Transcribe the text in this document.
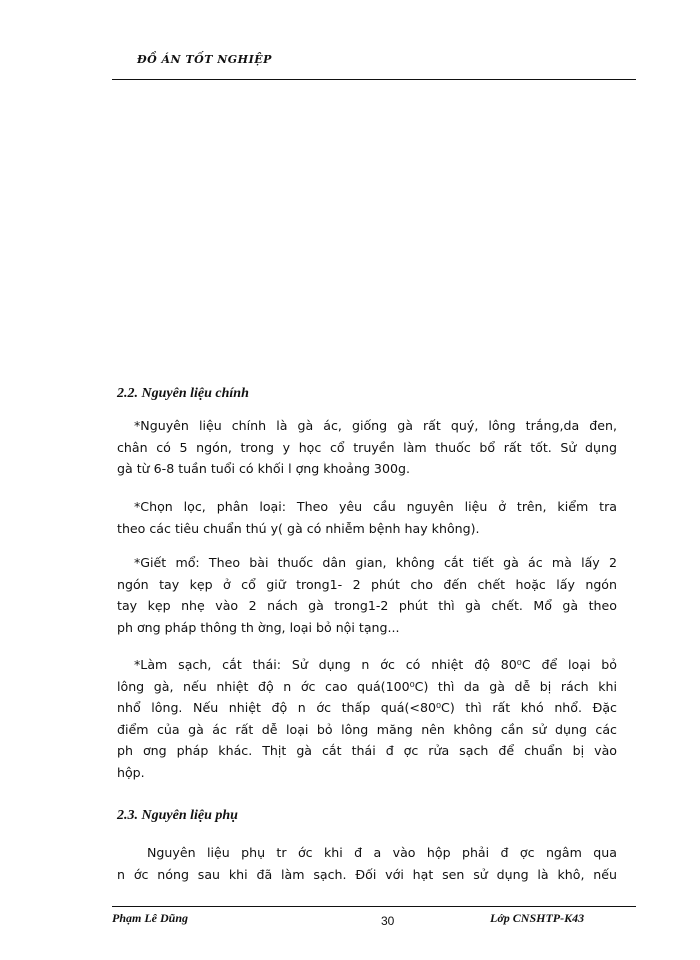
ĐỒ ÁN TỐT NGHIỆP
2.2. Nguyên liệu chính
*Nguyên liệu chính là gà ác, giống gà rất quý, lông trắng,da đen,
chân có 5 ngón, trong y học cổ truyền làm thuốc bổ rất tốt. Sử dụng
gà từ 6-8 tuần tuổi có khối l ợng khoảng 300g.
*Chọn lọc, phân loại: Theo yêu cầu nguyên liệu ở trên, kiểm tra
theo các tiêu chuẩn thú y( gà có nhiễm bệnh hay không).
*Giết mổ: Theo bài thuốc dân gian, không cắt tiết gà ác mà lấy 2
ngón tay kẹp ở cổ giữ trong1- 2 phút cho đến chết hoặc lấy ngón
tay kẹp nhẹ vào 2 nách gà trong1-2 phút thì gà chết. Mổ gà theo
ph ơng pháp thông th ờng, loại bỏ nội tạng...
*Làm sạch, cắt thái: Sử dụng n ớc có nhiệt độ 80⁰C để loại bỏ
lông gà, nếu nhiệt độ n ớc cao quá(100⁰C) thì da gà dễ bị rách khi
nhổ lông. Nếu nhiệt độ n ớc thấp quá(<80⁰C) thì rất khó nhổ. Đặc
điểm của gà ác rất dễ loại bỏ lông măng nên không cần sử dụng các
ph ơng pháp khác. Thịt gà cắt thái đ ợc rửa sạch để chuẩn bị vào
hộp.
2.3. Nguyên liệu phụ
Nguyên liệu phụ tr ớc khi đ a vào hộp phải đ ợc ngâm qua
n ớc nóng sau khi đã làm sạch. Đối với hạt sen sử dụng là khô, nếu
Phạm Lê Dũng	30	Lớp CNSHTP-K43
